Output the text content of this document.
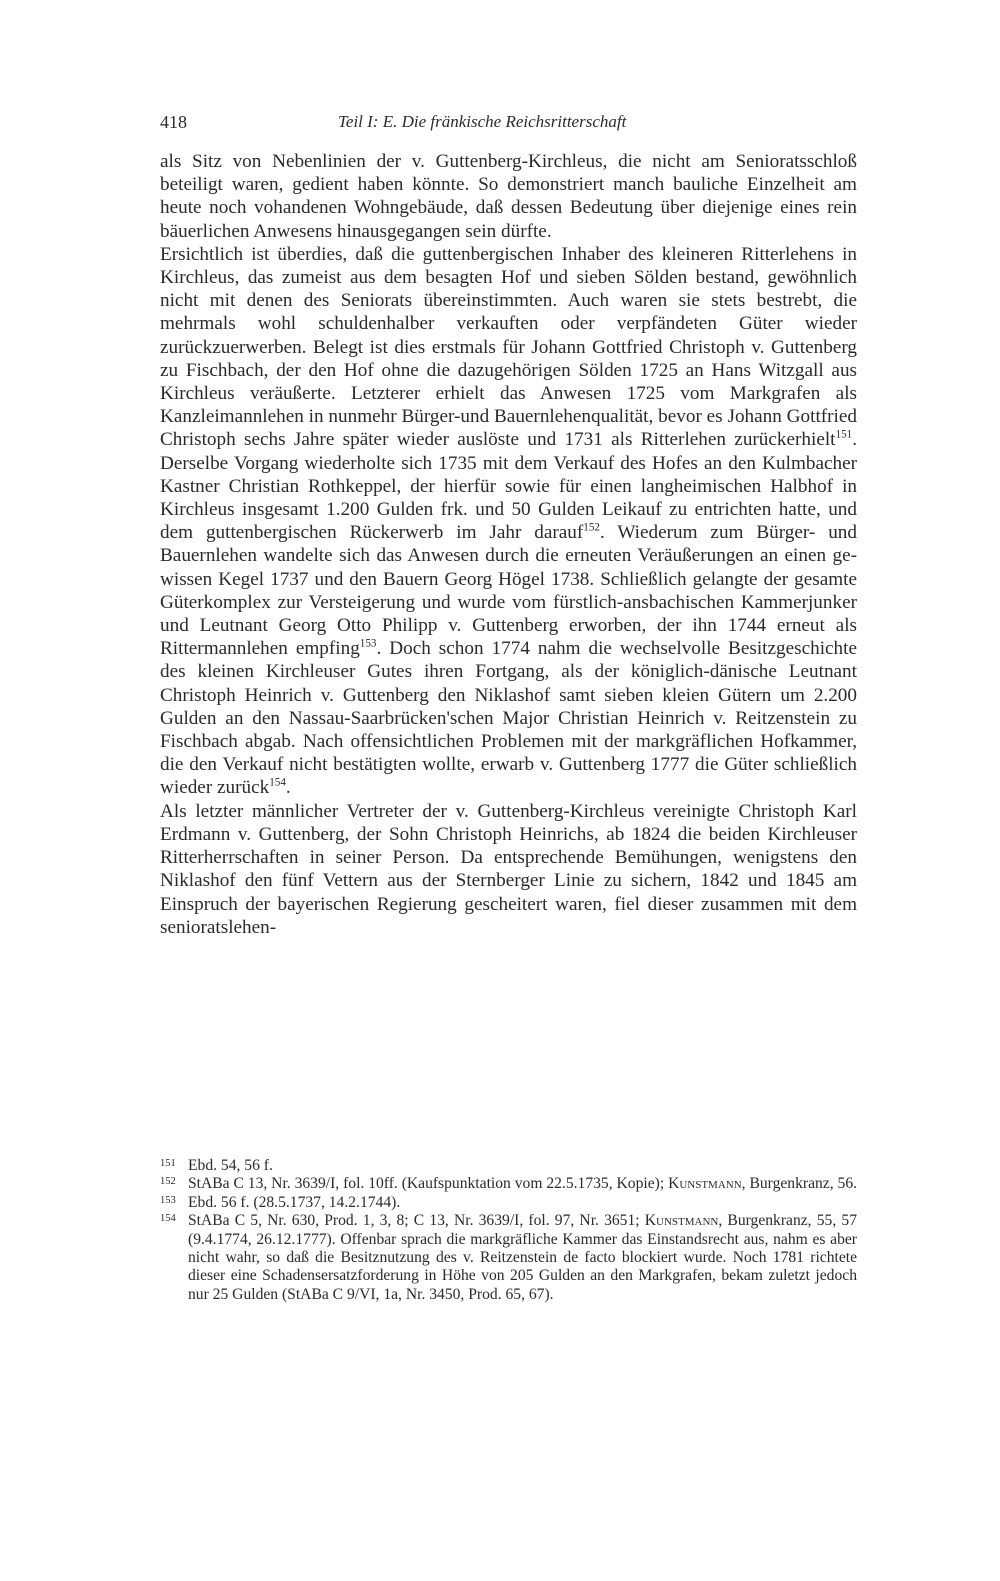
418	Teil I: E. Die fränkische Reichsritterschaft

als Sitz von Nebenlinien der v. Guttenberg-Kirchleus, die nicht am Senioratsschloß beteiligt waren, gedient haben könnte. So demonstriert manch bauliche Einzelheit am heute noch vohandenen Wohngebäude, daß dessen Bedeutung über diejenige eines rein bäuerlichen Anwesens hinausgegangen sein dürfte.

Ersichtlich ist überdies, daß die guttenbergischen Inhaber des kleineren Ritterlehens in Kirchleus, das zumeist aus dem besagten Hof und sieben Sölden bestand, gewöhnlich nicht mit denen des Seniorats übereinstimmten. Auch waren sie stets bestrebt, die mehrmals wohl schuldenhalber verkauften oder verpfändeten Güter wieder zurückzuerwerben. Belegt ist dies erstmals für Johann Gottfried Christoph v. Guttenberg zu Fischbach, der den Hof ohne die dazugehörigen Sölden 1725 an Hans Witzgall aus Kirchleus veräußerte. Letzterer erhielt das Anwesen 1725 vom Markgrafen als Kanzleimannlehen in nunmehr Bürger-und Bauernlehenqualität, bevor es Johann Gottfried Christoph sechs Jahre später wieder auslöste und 1731 als Ritterlehen zurückerhielt$^{151}$. Derselbe Vorgang wiederholte sich 1735 mit dem Verkauf des Hofes an den Kulmbacher Kastner Christian Rothkeppel, der hierfür sowie für einen langheimischen Halbhof in Kirchleus insgesamt 1.200 Gulden frk. und 50 Gulden Leikauf zu entrichten hatte, und dem guttenbergischen Rückerwerb im Jahr darauf$^{152}$. Wiederum zum Bürger- und Bauernlehen wandelte sich das Anwesen durch die erneuten Veräußerungen an einen gewissen Kegel 1737 und den Bauern Georg Högel 1738. Schließlich gelangte der gesamte Güterkomplex zur Versteigerung und wurde vom fürstlich-ansbachischen Kammerjunker und Leutnant Georg Otto Philipp v. Guttenberg erworben, der ihn 1744 erneut als Rittermannlehen empfing$^{153}$. Doch schon 1774 nahm die wechselvolle Besitzgeschichte des kleinen Kirchleuser Gutes ihren Fortgang, als der königlich-dänische Leutnant Christoph Heinrich v. Guttenberg den Niklashof samt sieben kleien Gütern um 2.200 Gulden an den Nassau-Saarbrücken'schen Major Christian Heinrich v. Reitzenstein zu Fischbach abgab. Nach offensichtlichen Problemen mit der markgräflichen Hofkammer, die den Verkauf nicht bestätigten wollte, erwarb v. Guttenberg 1777 die Güter schließlich wieder zurück$^{154}$.

Als letzter männlicher Vertreter der v. Guttenberg-Kirchleus vereinigte Christoph Karl Erdmann v. Guttenberg, der Sohn Christoph Heinrichs, ab 1824 die beiden Kirchleuser Ritterherrschaften in seiner Person. Da entsprechende Bemühungen, wenigstens den Niklashof den fünf Vettern aus der Sternberger Linie zu sichern, 1842 und 1845 am Einspruch der bayerischen Regierung gescheitert waren, fiel dieser zusammen mit dem senioratslehen-

151 Ebd. 54, 56 f.

152 StABa C 13, Nr. 3639/I, fol. 10ff. (Kaufspunktation vom 22.5.1735, Kopie); Kunstmann, Burgenkranz, 56.

153 Ebd. 56 f. (28.5.1737, 14.2.1744).

154 StABa C 5, Nr. 630, Prod. 1, 3, 8; C 13, Nr. 3639/I, fol. 97, Nr. 3651; Kunstmann, Burgenkranz, 55, 57 (9.4.1774, 26.12.1777). Offenbar sprach die markgräfliche Kammer das Einstandsrecht aus, nahm es aber nicht wahr, so daß die Besitznutzung des v. Reitzenstein de facto blockiert wurde. Noch 1781 richtete dieser eine Schadensersatzforderung in Höhe von 205 Gulden an den Markgrafen, bekam zuletzt jedoch nur 25 Gulden (StABa C 9/VI, 1a, Nr. 3450, Prod. 65, 67).
